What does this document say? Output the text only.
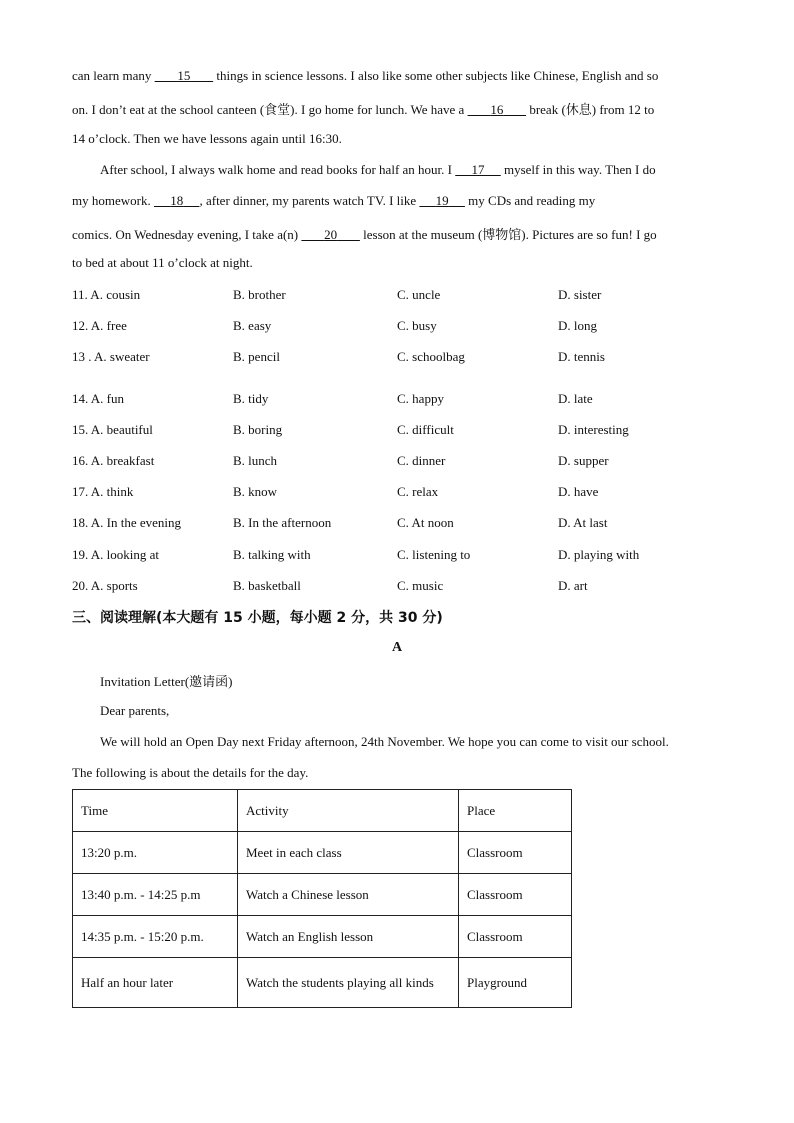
can learn many        15        things in science lessons. I also like some other subjects like Chinese, English and so
on. I don’t eat at the school canteen (食堂). I go home for lunch. We have a        16        break (休息) from 12 to
14 o’clock. Then we have lessons again until 16:30.
After school, I always walk home and read books for half an hour. I      17      myself in this way. Then I do
my homework.      18 , after dinner, my parents watch TV. I like      19      my CDs and reading my
comics. On Wednesday evening, I take a(n)        20        lesson at the museum (博物馆). Pictures are so fun! I go
to bed at about 11 o’clock at night.
11. A. cousin	B. brother	C. uncle	D. sister
12. A. free	B. easy	C. busy	D. long
13 . A. sweater	B. pencil	C. schoolbag	D. tennis
14. A. fun	B. tidy	C. happy	D. late
15. A. beautiful	B. boring	C. difficult	D. interesting
16. A. breakfast	B. lunch	C. dinner	D. supper
17. A. think	B. know	C. relax	D. have
18. A. In the evening	B. In the afternoon	C. At noon	D. At last
19. A. looking at	B. talking with	C. listening to	D. playing with
20. A. sports	B. basketball	C. music	D. art
三、阅读理解(本大题有 15 小题，每小题 2 分，共 30 分)
A
Invitation Letter(邀请函)
Dear parents,
We will hold an Open Day next Friday afternoon, 24th November. We hope you can come to visit our school.
The following is about the details for the day.
Time	Activity	Place
13:20 p.m.	Meet in each class	Classroom
13:40 p.m. - 14:25 p.m	Watch a Chinese lesson	Classroom
14:35 p.m. - 15:20 p.m.	Watch an English lesson	Classroom
Half an hour later	Watch the students playing all kinds	Playground
